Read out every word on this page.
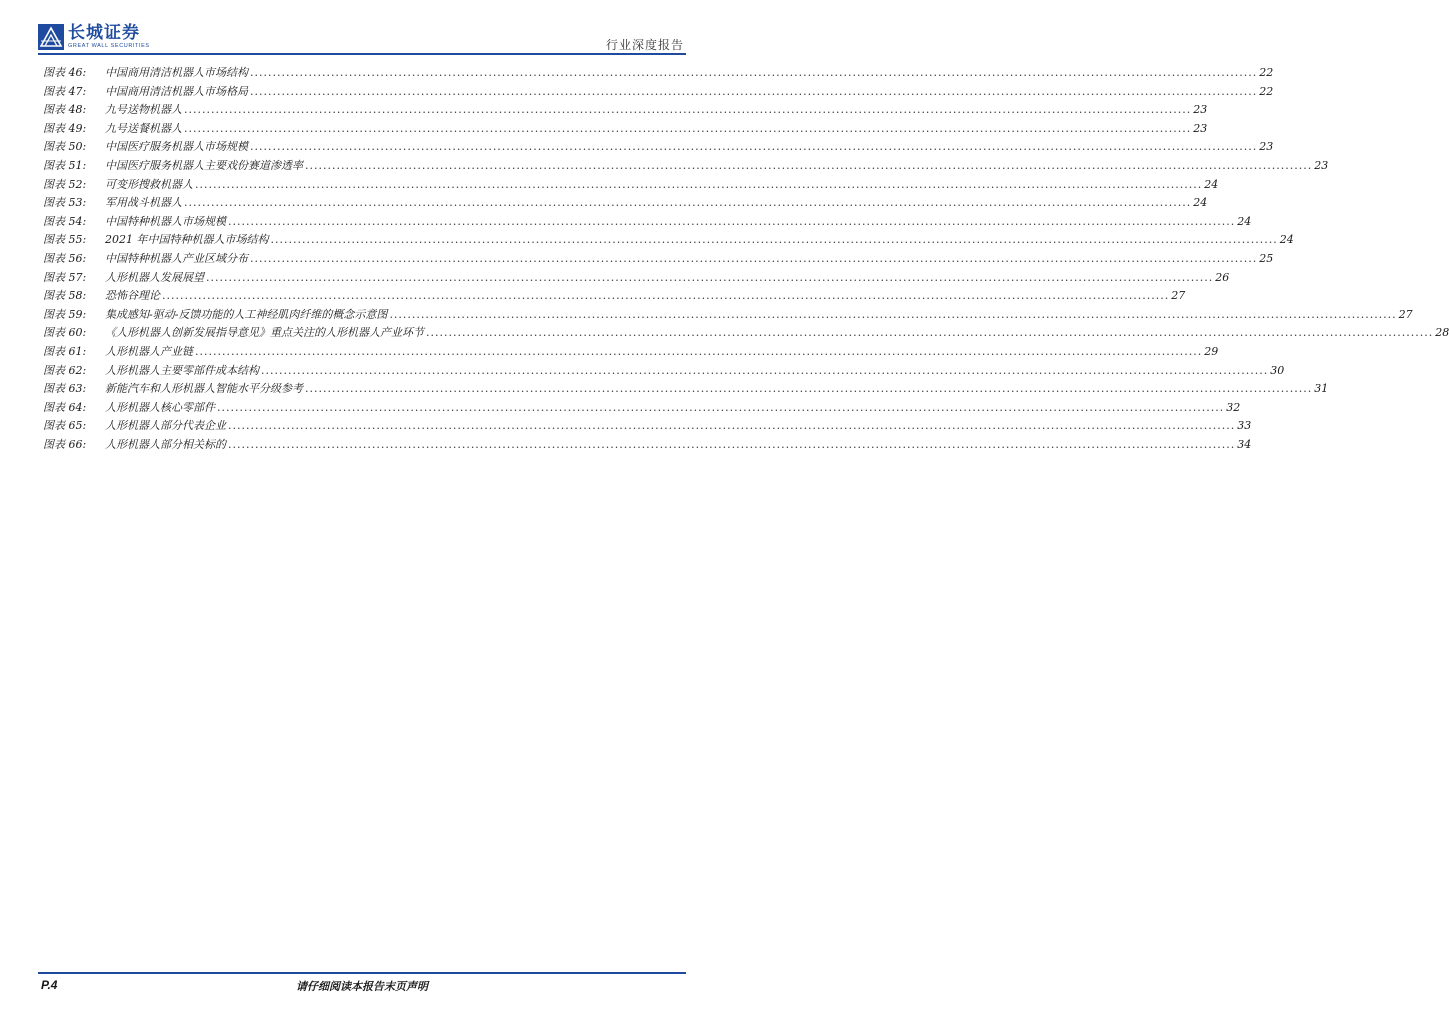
长城证券
GREAT WALL SECURITIES	行业深度报告
图表 46:	中国商用清洁机器人市场结构 .....	22
图表 47:	中国商用清洁机器人市场格局 .....	22
图表 48:	九号送物机器人 .....	23
图表 49:	九号送餐机器人 .....	23
图表 50:	中国医疗服务机器人市场规模 .....	23
图表 51:	中国医疗服务机器人主要戏份赛道渗透率 .....	23
图表 52:	可变形搜救机器人 .....	24
图表 53:	军用战斗机器人 .....	24
图表 54:	中国特种机器人市场规模 .....	24
图表 55:	2021 年中国特种机器人市场结构 .....	24
图表 56:	中国特种机器人产业区域分布 .....	25
图表 57:	人形机器人发展展望 .....	26
图表 58:	恐怖谷理论 .....	27
图表 59:	集成感知-驱动-反馈功能的人工神经肌肉纤维的概念示意图 .....	27
图表 60:	《人形机器人创新发展指导意见》重点关注的人形机器人产业环节 .....	28
图表 61:	人形机器人产业链 .....	29
图表 62:	人形机器人主要零部件成本结构 .....	30
图表 63:	新能汽车和人形机器人智能水平分级参考 .....	31
图表 64:	人形机器人核心零部件 .....	32
图表 65:	人形机器人部分代表企业 .....	33
图表 66:	人形机器人部分相关标的 .....	34
P.4	请仔细阅读本报告末页声明
